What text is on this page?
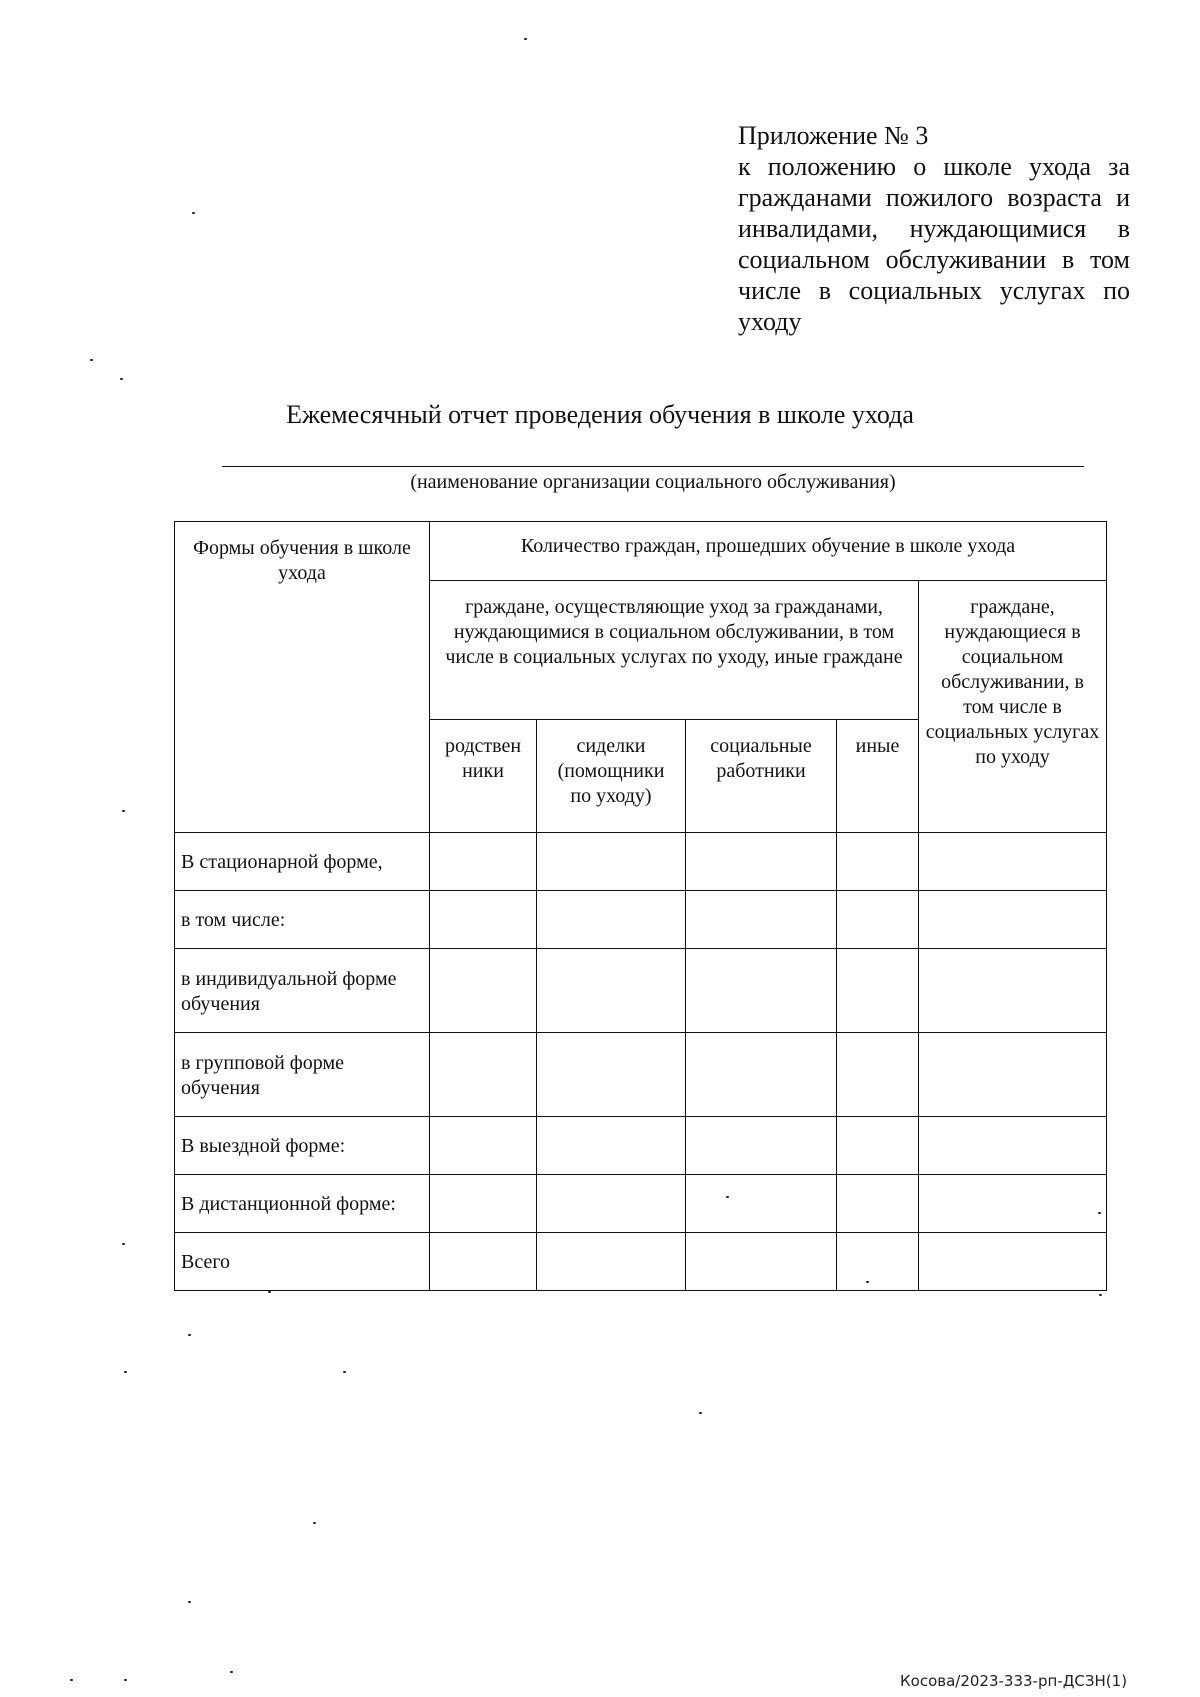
Приложение № 3
к положению о школе ухода за гражданами пожилого возраста и инвалидами, нуждающимися в социальном обслуживании в том числе в социальных услугах по уходу
Ежемесячный отчет проведения обучения в школе ухода
(наименование организации социального обслуживания)
Формы обучения в школе ухода	Количество граждан, прошедших обучение в школе ухода				
	граждане, осуществляющие уход за гражданами, нуждающимися в социальном обслуживании, в том числе в социальных услугах по уходу, иные граждане				граждане, нуждающиеся в социальном обслуживании, в том числе в социальных услугах по уходу
	родствен ники	сиделки (помощники по уходу)	социальные работники	иные	
В стационарной форме,					
в том числе:					
в индивидуальной форме обучения					
в групповой форме обучения					
В выездной форме:					
В дистанционной форме:					
Всего					
Косова/2023-333-рп-ДСЗН(1)
